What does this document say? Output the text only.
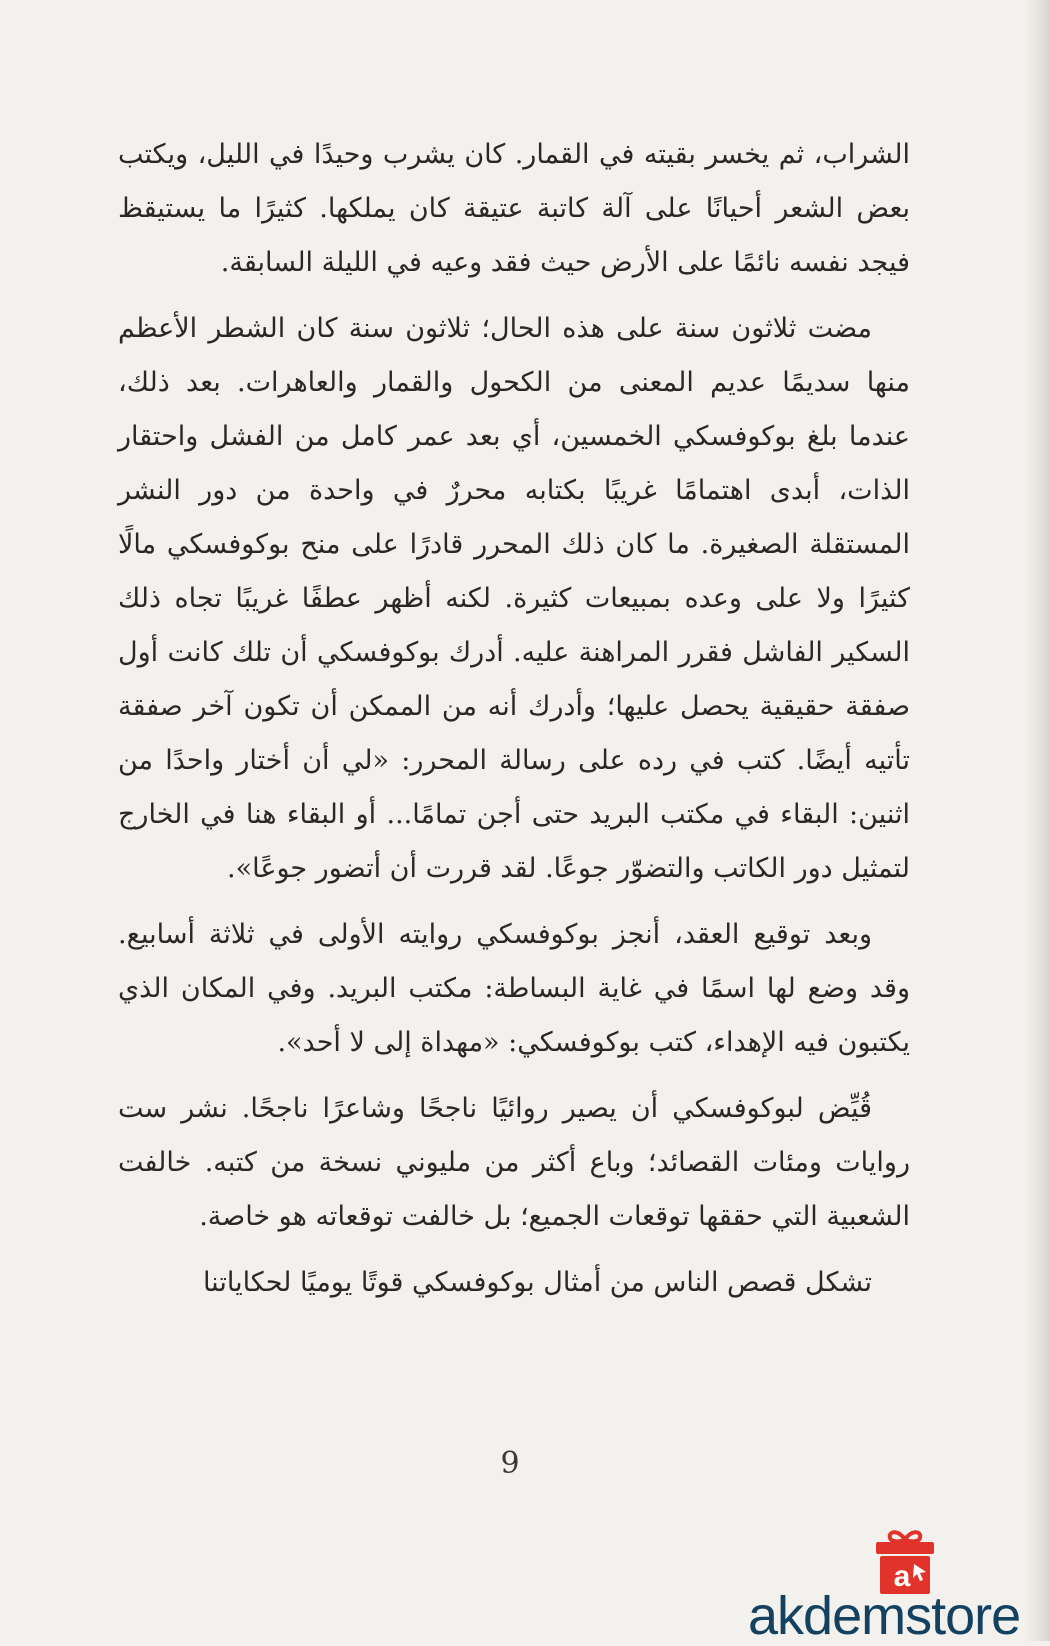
الشراب، ثم يخسر بقيته في القمار. كان يشرب وحيدًا في الليل، ويكتب بعض الشعر أحيانًا على آلة كاتبة عتيقة كان يملكها. كثيرًا ما يستيقظ فيجد نفسه نائمًا على الأرض حيث فقد وعيه في الليلة السابقة.

مضت ثلاثون سنة على هذه الحال؛ ثلاثون سنة كان الشطر الأعظم منها سديمًا عديم المعنى من الكحول والقمار والعاهرات. بعد ذلك، عندما بلغ بوكوفسكي الخمسين، أي بعد عمر كامل من الفشل واحتقار الذات، أبدى اهتمامًا غريبًا بكتابه محررٌ في واحدة من دور النشر المستقلة الصغيرة. ما كان ذلك المحرر قادرًا على منح بوكوفسكي مالًا كثيرًا ولا على وعده بمبيعات كثيرة. لكنه أظهر عطفًا غريبًا تجاه ذلك السكير الفاشل فقرر المراهنة عليه. أدرك بوكوفسكي أن تلك كانت أول صفقة حقيقية يحصل عليها؛ وأدرك أنه من الممكن أن تكون آخر صفقة تأتيه أيضًا. كتب في رده على رسالة المحرر: «لي أن أختار واحدًا من اثنين: البقاء في مكتب البريد حتى أجن تمامًا... أو البقاء هنا في الخارج لتمثيل دور الكاتب والتضوّر جوعًا. لقد قررت أن أتضور جوعًا».

وبعد توقيع العقد، أنجز بوكوفسكي روايته الأولى في ثلاثة أسابيع. وقد وضع لها اسمًا في غاية البساطة: مكتب البريد. وفي المكان الذي يكتبون فيه الإهداء، كتب بوكوفسكي: «مهداة إلى لا أحد».

قُيِّض لبوكوفسكي أن يصير روائيًا ناجحًا وشاعرًا ناجحًا. نشر ست روايات ومئات القصائد؛ وباع أكثر من مليوني نسخة من كتبه. خالفت الشعبية التي حققها توقعات الجميع؛ بل خالفت توقعاته هو خاصة.

تشكل قصص الناس من أمثال بوكوفسكي قوتًا يوميًا لحكاياتنا

9
a
akdemstore
